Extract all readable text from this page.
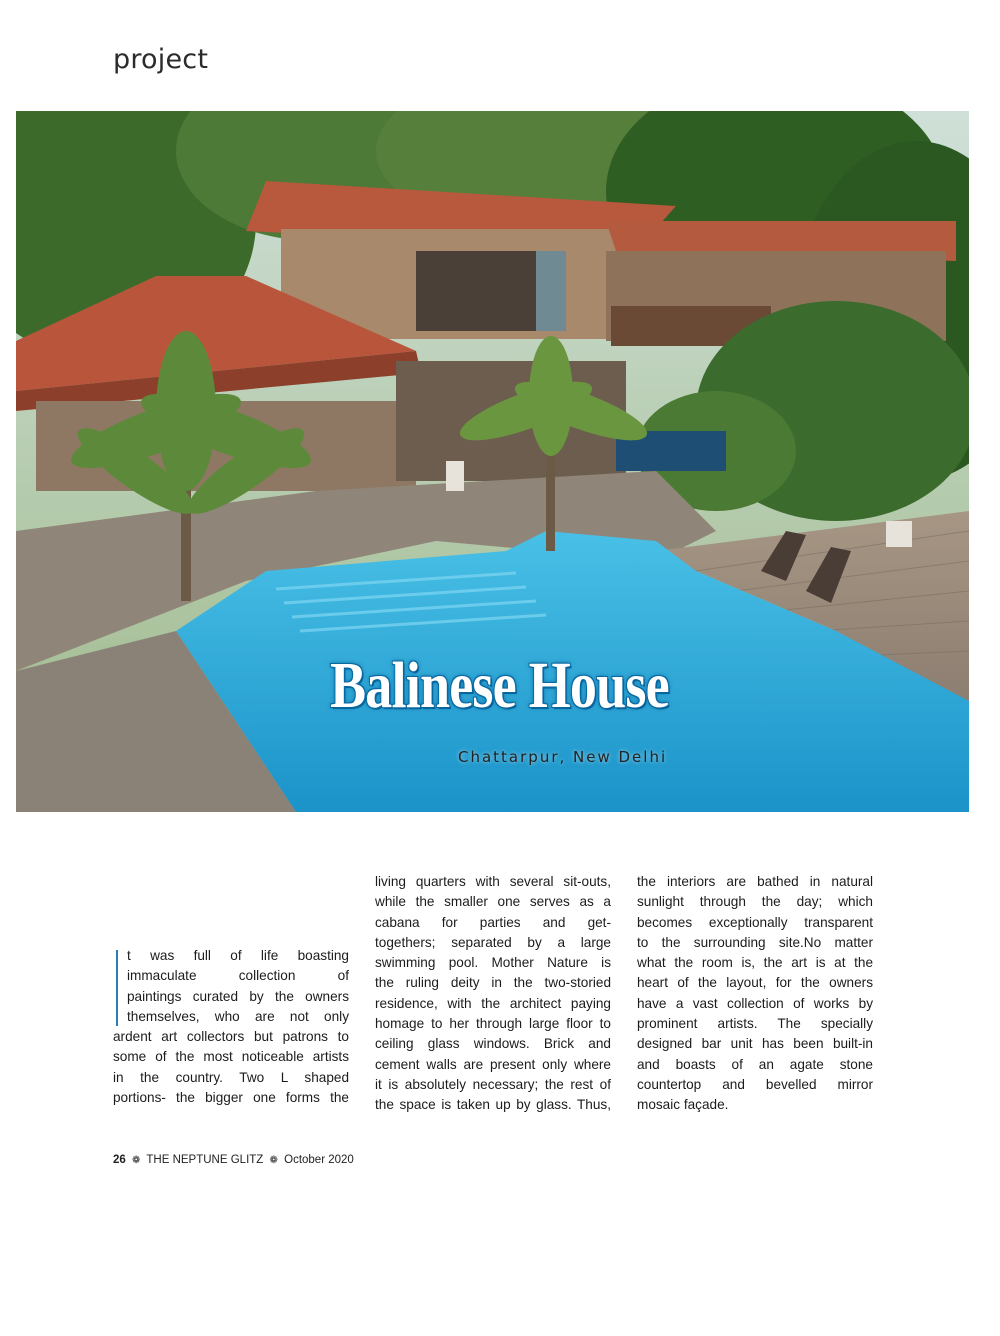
project
Balinese House
Chattarpur, New Delhi
t was full of life boasting
immaculate collection of
paintings curated by the owners
themselves, who are not only
ardent art collectors but patrons to
some of the most noticeable artists
in the country. Two L shaped
portions- the bigger one forms the
living quarters with several sit-outs,
while the smaller one serves as a
cabana for parties and get-
togethers; separated by a large
swimming pool. Mother Nature is
the ruling deity in the two-storied
residence, with the architect paying
homage to her through large floor to
ceiling glass windows. Brick and
cement walls are present only where
it is absolutely necessary; the rest of
the space is taken up by glass. Thus,
the interiors are bathed in natural
sunlight through the day; which
becomes exceptionally transparent
to the surrounding site.No matter
what the room is, the art is at the
heart of the layout, for the owners
have a vast collection of works by
prominent artists. The specially
designed bar unit has been built-in
and boasts of an agate stone
countertop and bevelled mirror
mosaic façade.
26 ❁ THE NEPTUNE GLITZ ❁ October 2020
